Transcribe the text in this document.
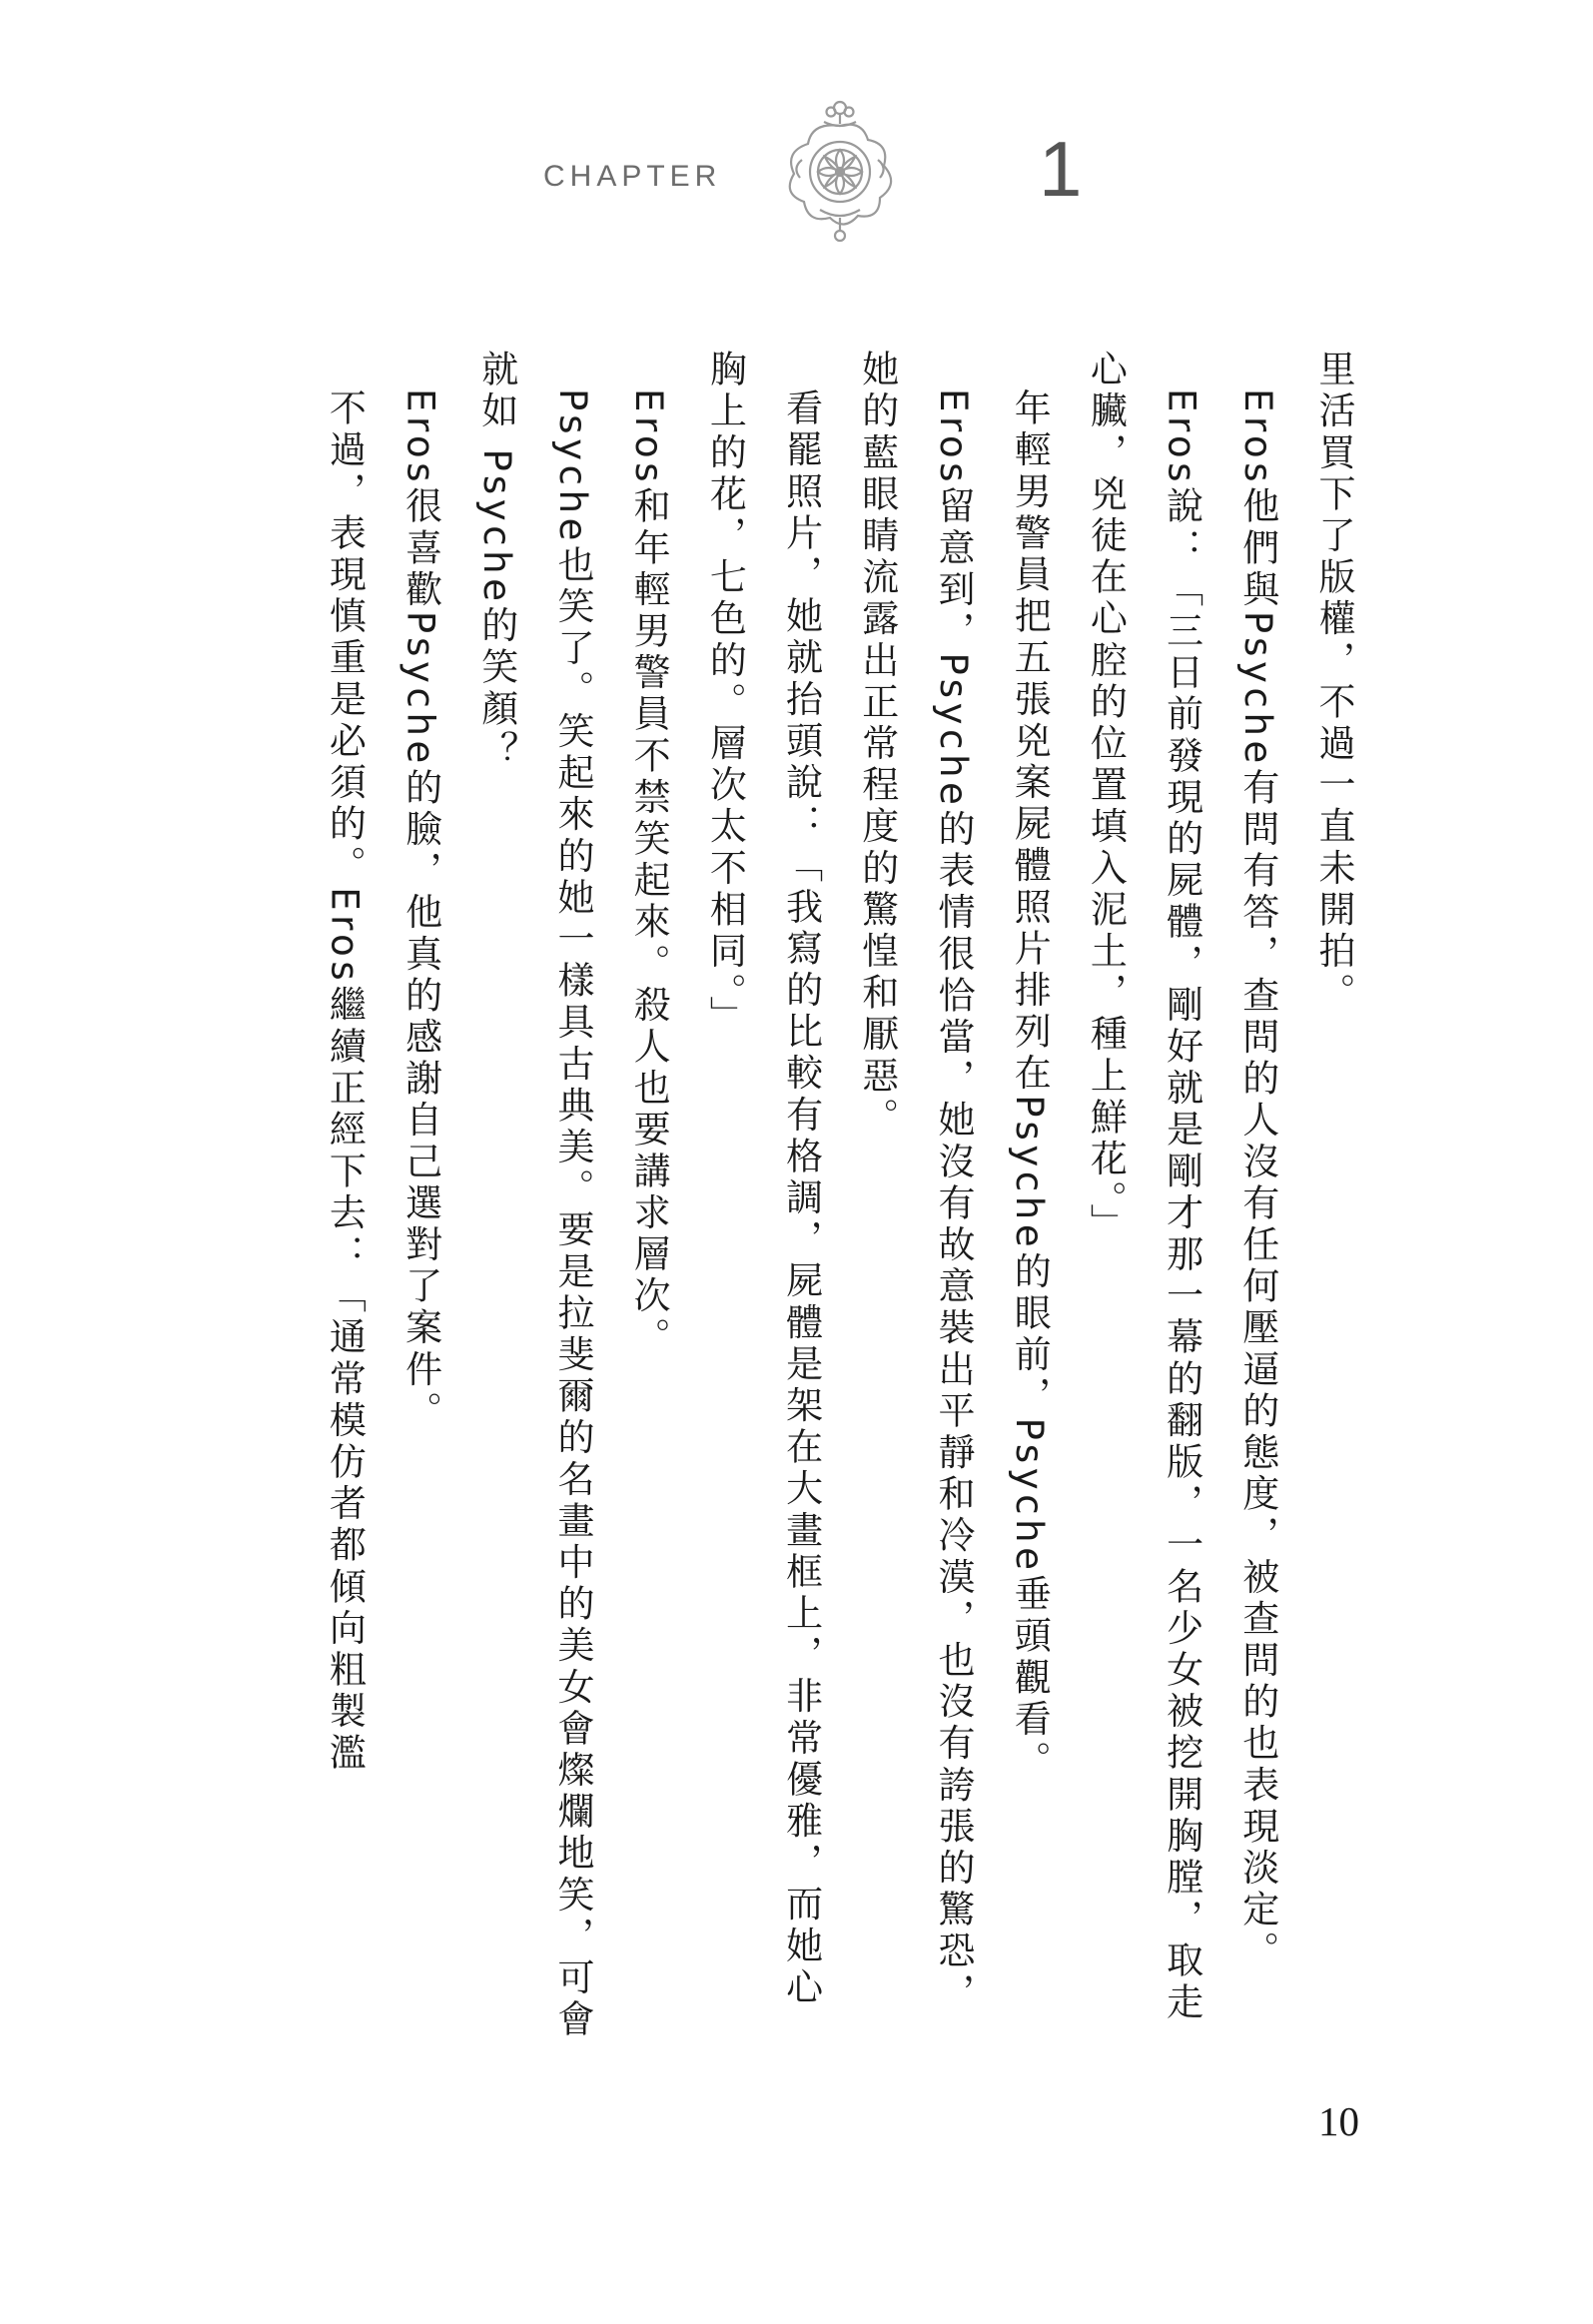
CHAPTER	1

里活買下了版權，不過一直未開拍。

Eros他們與Psyche有問有答，查問的人沒有任何壓逼的態度，被查問的也表現淡定。

Eros說：「三日前發現的屍體，剛好就是剛才那一幕的翻版，一名少女被挖開胸膛，取走心臟，兇徒在心腔的位置填入泥土，種上鮮花。」

年輕男警員把五張兇案屍體照片排列在Psyche的眼前，Psyche垂頭觀看。

Eros留意到，Psyche的表情很恰當，她沒有故意裝出平靜和冷漠，也沒有誇張的驚恐，她的藍眼睛流露出正常程度的驚惶和厭惡。

看罷照片，她就抬頭說：「我寫的比較有格調，屍體是架在大畫框上，非常優雅，而她心胸上的花，七色的。層次太不相同。」

Eros和年輕男警員不禁笑起來。殺人也要講求層次。

Psyche也笑了。笑起來的她一樣具古典美。要是拉斐爾的名畫中的美女會燦爛地笑，可會就如 Psyche的笑顏？

Eros很喜歡Psyche的臉，他真的感謝自己選對了案件。

不過，表現慎重是必須的。Eros繼續正經下去：「通常模仿者都傾向粗製濫

10
